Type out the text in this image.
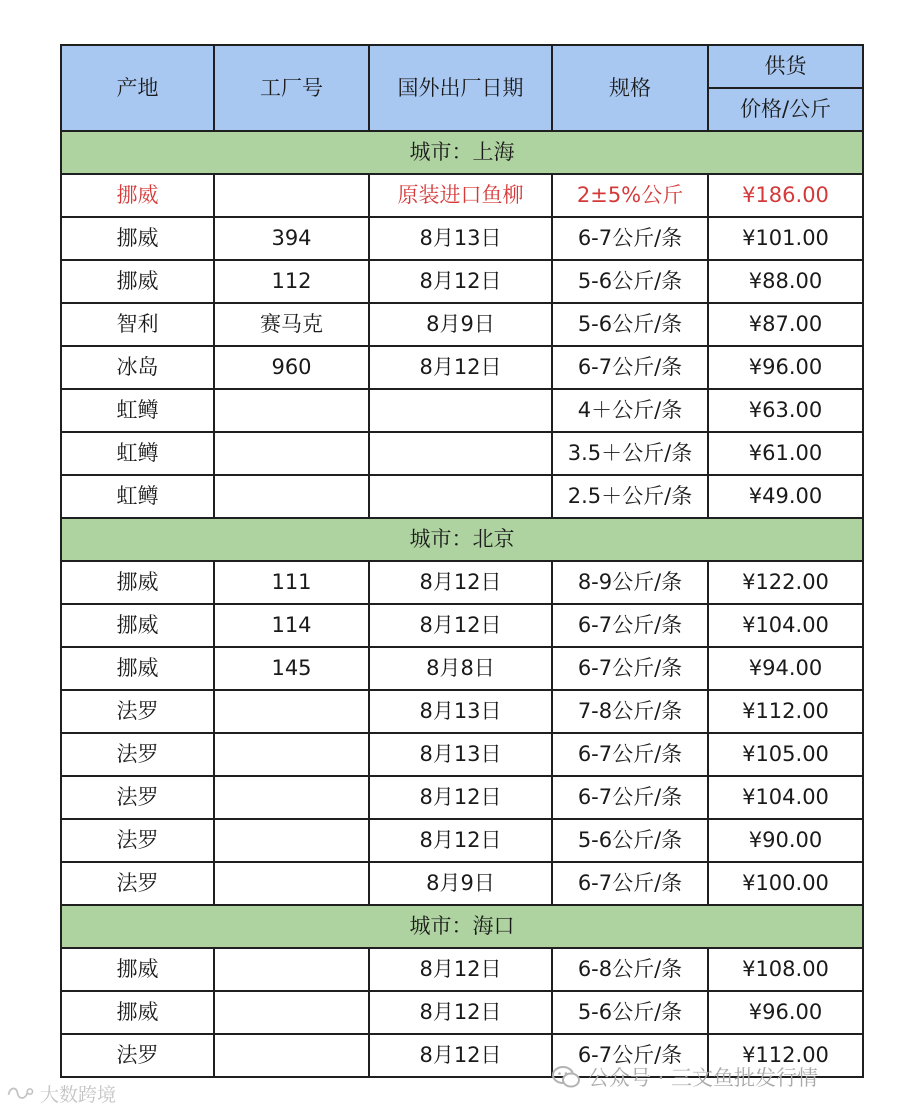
产地	工厂号	国外出厂日期	规格	供货
				价格/公斤
城市：上海				
挪威		原装进口鱼柳	2±5%公斤	¥186.00
挪威	394	8月13日	6-7公斤/条	¥101.00
挪威	112	8月12日	5-6公斤/条	¥88.00
智利	赛马克	8月9日	5-6公斤/条	¥87.00
冰岛	960	8月12日	6-7公斤/条	¥96.00
虹鳟			4＋公斤/条	¥63.00
虹鳟			3.5＋公斤/条	¥61.00
虹鳟			2.5＋公斤/条	¥49.00
城市：北京				
挪威	111	8月12日	8-9公斤/条	¥122.00
挪威	114	8月12日	6-7公斤/条	¥104.00
挪威	145	8月8日	6-7公斤/条	¥94.00
法罗		8月13日	7-8公斤/条	¥112.00
法罗		8月13日	6-7公斤/条	¥105.00
法罗		8月12日	6-7公斤/条	¥104.00
法罗		8月12日	5-6公斤/条	¥90.00
法罗		8月9日	6-7公斤/条	¥100.00
城市：海口				
挪威		8月12日	6-8公斤/条	¥108.00
挪威		8月12日	5-6公斤/条	¥96.00
法罗		8月12日	6-7公斤/条	¥112.00
公众号 · 三文鱼批发行情
大数跨境
